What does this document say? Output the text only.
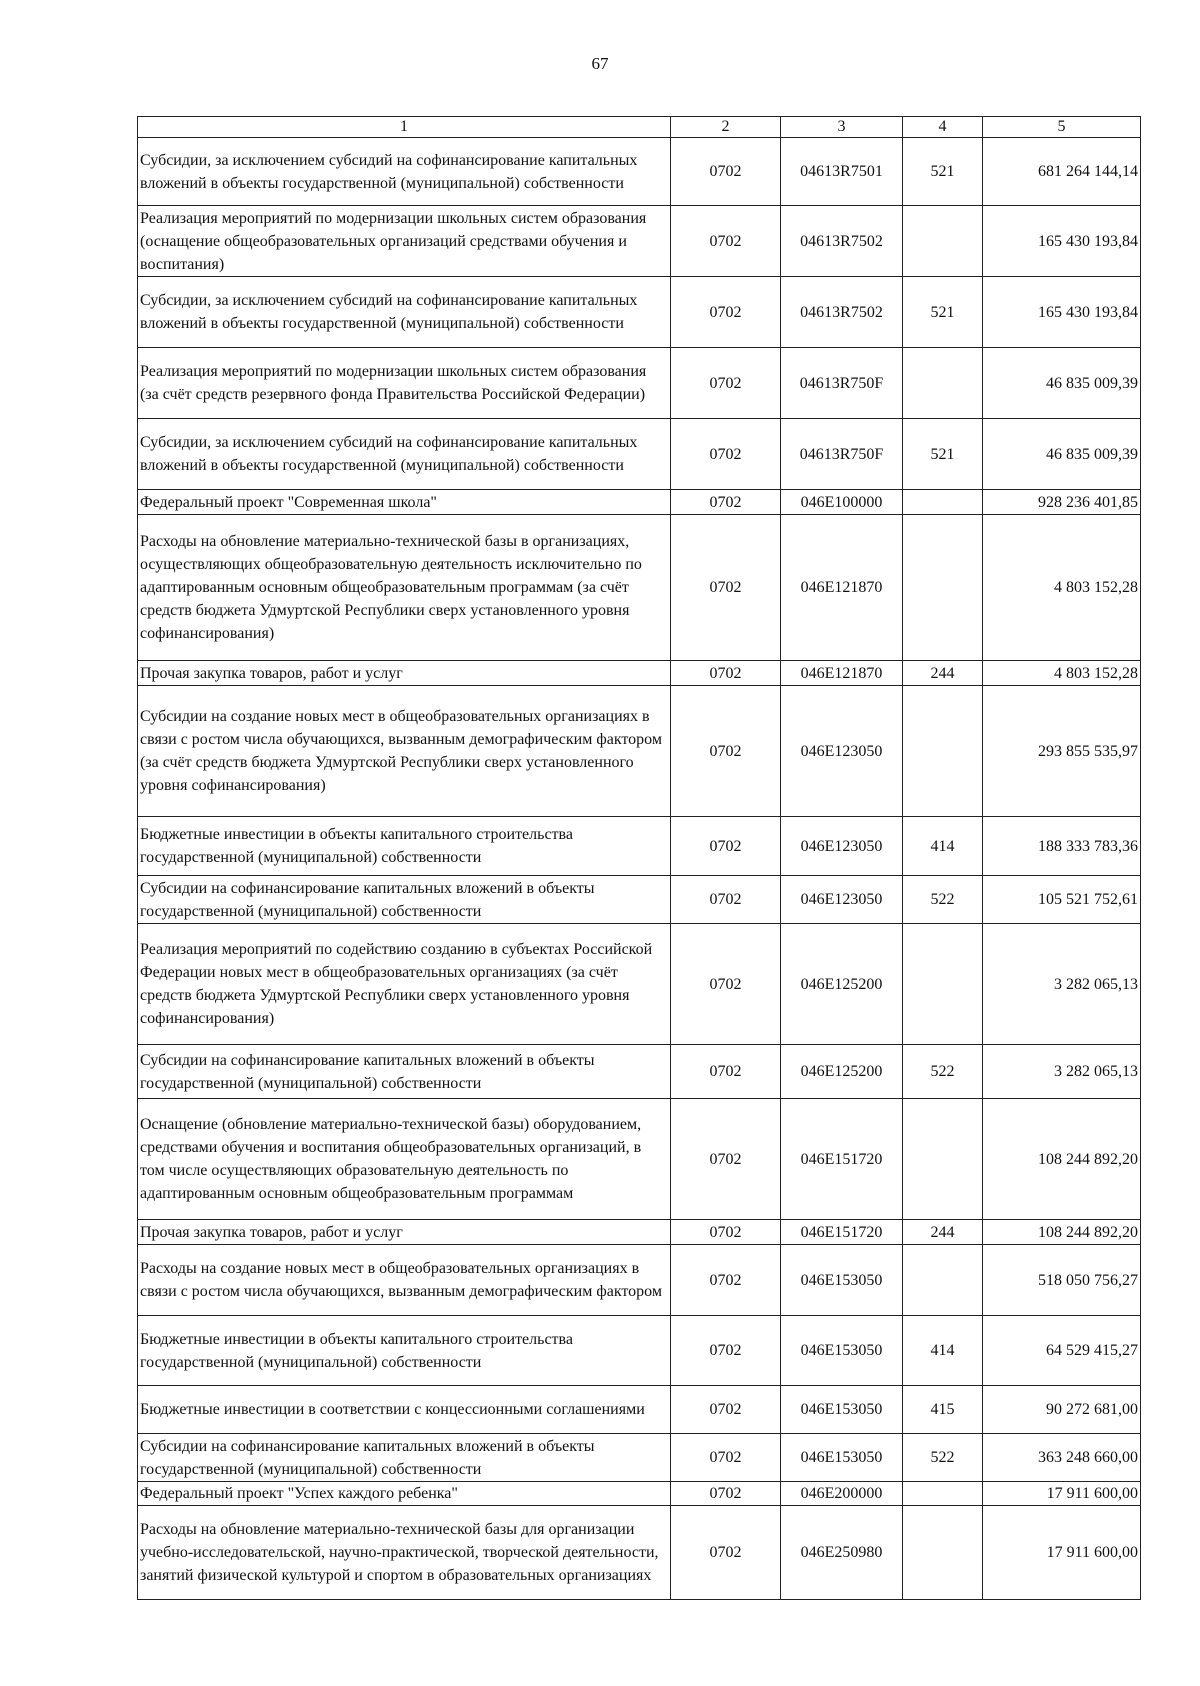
67
1	2	3	4	5
Субсидии, за исключением субсидий на софинансирование капитальных вложений в объекты государственной (муниципальной) собственности	0702	04613R7501	521	681 264 144,14
Реализация мероприятий по модернизации школьных систем образования (оснащение общеобразовательных организаций средствами обучения и воспитания)	0702	04613R7502		165 430 193,84
Субсидии, за исключением субсидий на софинансирование капитальных вложений в объекты государственной (муниципальной) собственности	0702	04613R7502	521	165 430 193,84
Реализация мероприятий по модернизации школьных систем образования (за счёт средств резервного фонда Правительства Российской Федерации)	0702	04613R750F		46 835 009,39
Субсидии, за исключением субсидий на софинансирование капитальных вложений в объекты государственной (муниципальной) собственности	0702	04613R750F	521	46 835 009,39
Федеральный проект "Современная школа"	0702	046E100000		928 236 401,85
Расходы на обновление материально-технической базы в организациях, осуществляющих общеобразовательную деятельность исключительно по адаптированным основным общеобразовательным программам (за счёт средств бюджета Удмуртской Республики сверх установленного уровня софинансирования)	0702	046E121870		4 803 152,28
Прочая закупка товаров, работ и услуг	0702	046E121870	244	4 803 152,28
Субсидии на создание новых мест в общеобразовательных организациях в связи с ростом числа обучающихся, вызванным демографическим фактором (за счёт средств бюджета Удмуртской Республики сверх установленного уровня софинансирования)	0702	046E123050		293 855 535,97
Бюджетные инвестиции в объекты капитального строительства государственной (муниципальной) собственности	0702	046E123050	414	188 333 783,36
Субсидии на софинансирование капитальных вложений в объекты государственной (муниципальной) собственности	0702	046E123050	522	105 521 752,61
Реализация мероприятий по содействию созданию в субъектах Российской Федерации новых мест в общеобразовательных организациях (за счёт средств бюджета Удмуртской Республики сверх установленного уровня софинансирования)	0702	046E125200		3 282 065,13
Субсидии на софинансирование капитальных вложений в объекты государственной (муниципальной) собственности	0702	046E125200	522	3 282 065,13
Оснащение (обновление материально-технической базы) оборудованием, средствами обучения и воспитания общеобразовательных организаций, в том числе осуществляющих образовательную деятельность по адаптированным основным общеобразовательным программам	0702	046E151720		108 244 892,20
Прочая закупка товаров, работ и услуг	0702	046E151720	244	108 244 892,20
Расходы на создание новых мест в общеобразовательных организациях в связи с ростом числа обучающихся, вызванным демографическим фактором	0702	046E153050		518 050 756,27
Бюджетные инвестиции в объекты капитального строительства государственной (муниципальной) собственности	0702	046E153050	414	64 529 415,27
Бюджетные инвестиции в соответствии с концессионными соглашениями	0702	046E153050	415	90 272 681,00
Субсидии на софинансирование капитальных вложений в объекты государственной (муниципальной) собственности	0702	046E153050	522	363 248 660,00
Федеральный проект "Успех каждого ребенка"	0702	046E200000		17 911 600,00
Расходы на обновление материально-технической базы для организации учебно-исследовательской, научно-практической, творческой деятельности, занятий физической культурой и спортом в образовательных организациях	0702	046E250980		17 911 600,00
